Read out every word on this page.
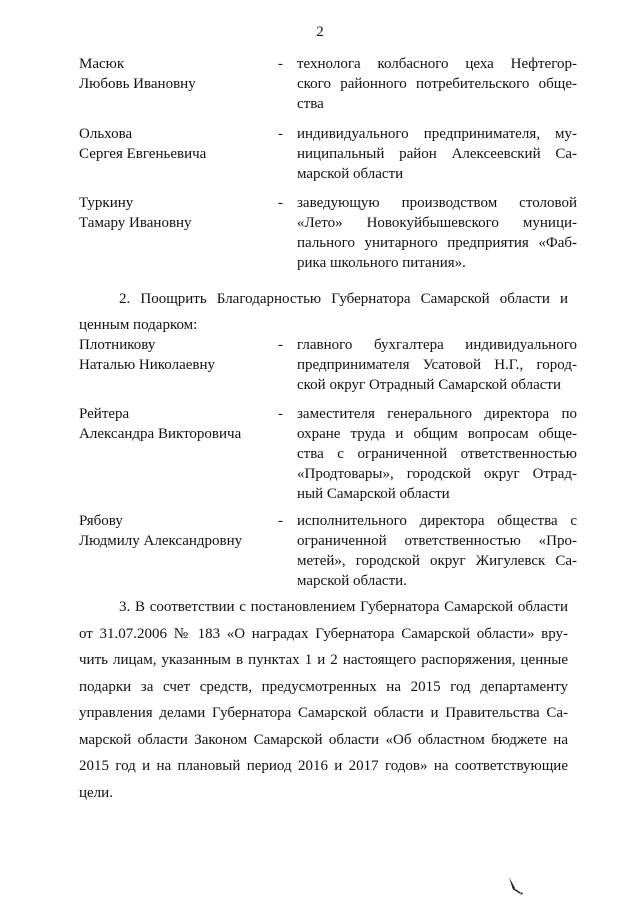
2
Масюк
Любовь Ивановну
- технолога колбасного цеха Нефтегор-
ского районного потребительского обще-
ства
Ольхова
Сергея Евгеньевича
- индивидуального предпринимателя, му-
ниципальный район Алексеевский Са-
марской области
Туркину
Тамару Ивановну
- заведующую производством столовой
«Лето» Новокуйбышевского муници-
пального унитарного предприятия «Фаб-
рика школьного питания».
2. Поощрить Благодарностью Губернатора Самарской области и
ценным подарком:
Плотникову
Наталью Николаевну
- главного бухгалтера индивидуального
предпринимателя Усатовой Н.Г., город-
ской округ Отрадный Самарской области
Рейтера
Александра Викторовича
- заместителя генерального директора по
охране труда и общим вопросам обще-
ства с ограниченной ответственностью
«Продтовары», городской округ Отрад-
ный Самарской области
Рябову
Людмилу Александровну
- исполнительного директора общества с
ограниченной ответственностью «Про-
метей», городской округ Жигулевск Са-
марской области.
3. В соответствии с постановлением Губернатора Самарской области
от 31.07.2006 № 183 «О наградах Губернатора Самарской области» вру-
чить лицам, указанным в пунктах 1 и 2 настоящего распоряжения, ценные
подарки за счет средств, предусмотренных на 2015 год департаменту
управления делами Губернатора Самарской области и Правительства Са-
марской области Законом Самарской области «Об областном бюджете на
2015 год и на плановый период 2016 и 2017 годов» на соответствующие
цели.
